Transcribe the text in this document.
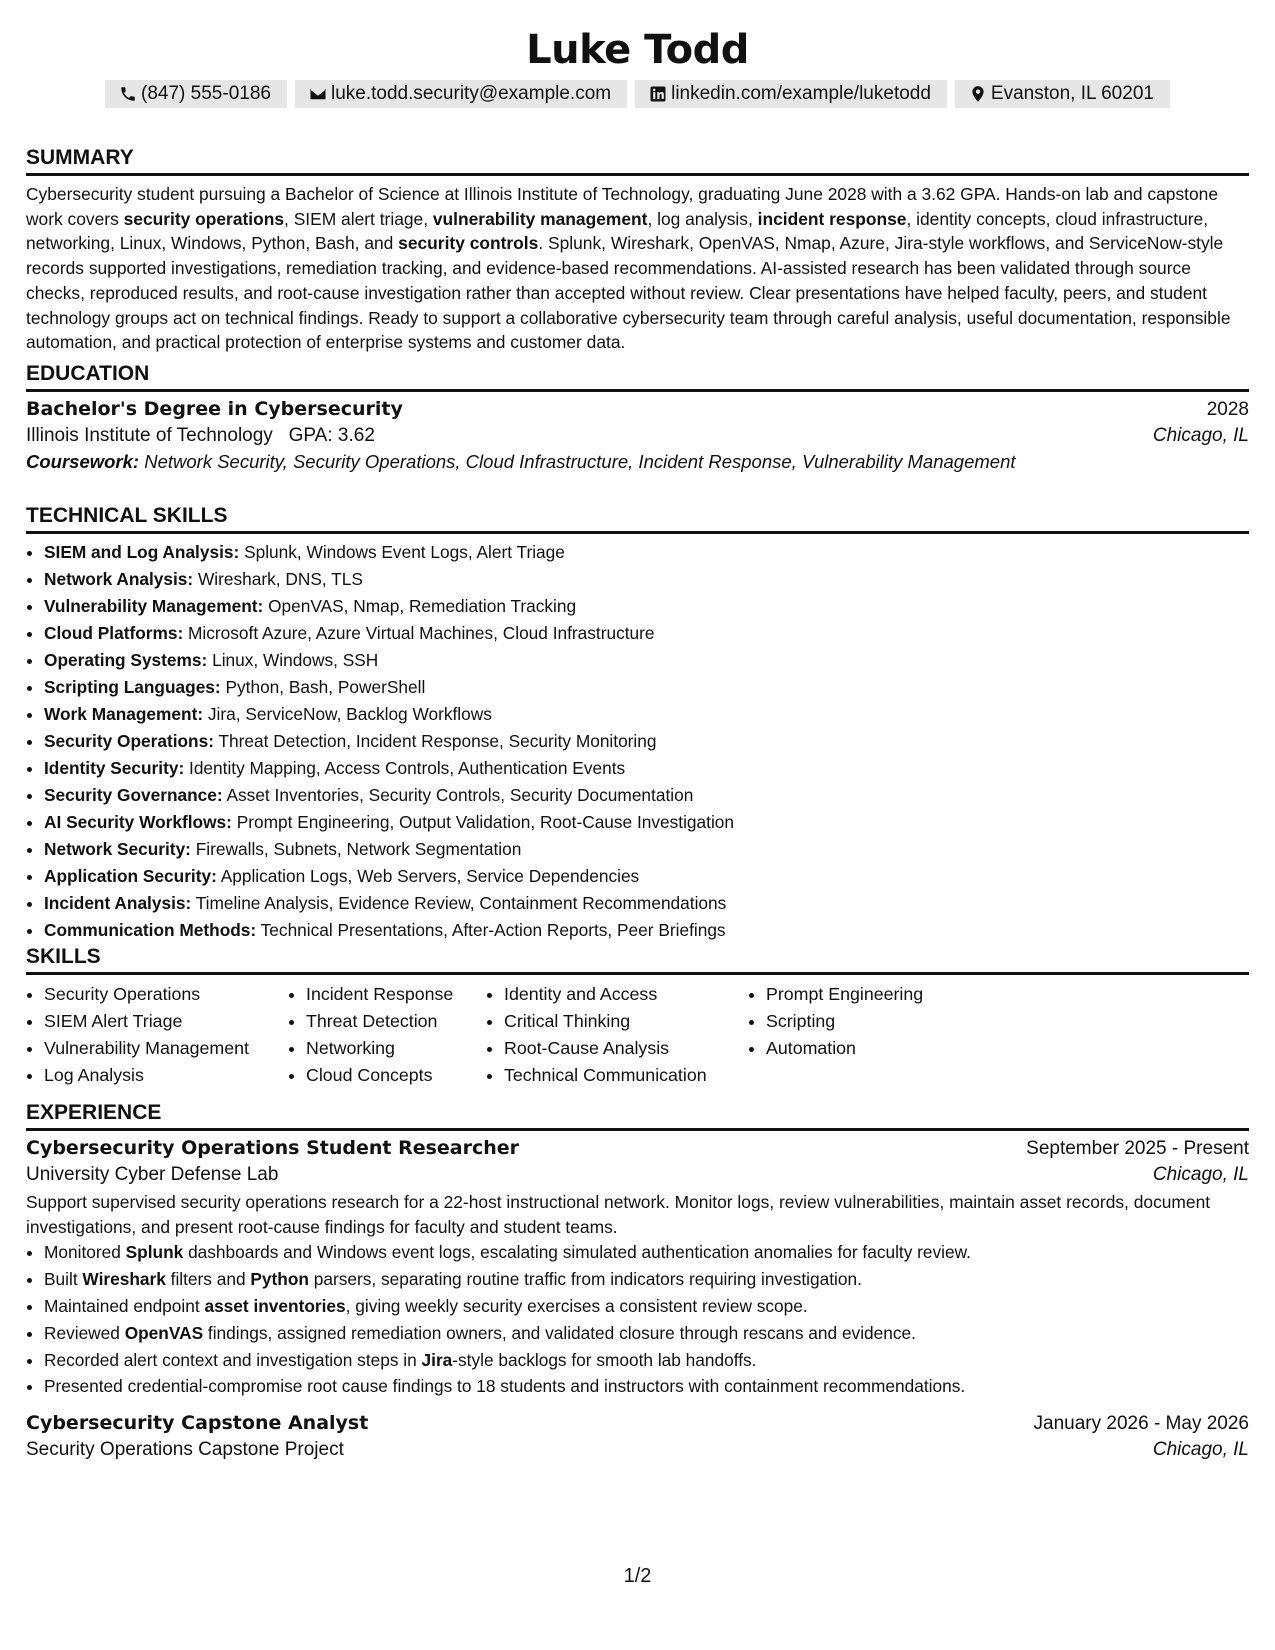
Luke Todd
(847) 555-0186	luke.todd.security@example.com	linkedin.com/example/luketodd	Evanston, IL 60201
SUMMARY
Cybersecurity student pursuing a Bachelor of Science at Illinois Institute of Technology, graduating June 2028 with a 3.62 GPA. Hands-on lab and capstone work covers security operations, SIEM alert triage, vulnerability management, log analysis, incident response, identity concepts, cloud infrastructure, networking, Linux, Windows, Python, Bash, and security controls. Splunk, Wireshark, OpenVAS, Nmap, Azure, Jira-style workflows, and ServiceNow-style records supported investigations, remediation tracking, and evidence-based recommendations. AI-assisted research has been validated through source checks, reproduced results, and root-cause investigation rather than accepted without review. Clear presentations have helped faculty, peers, and student technology groups act on technical findings. Ready to support a collaborative cybersecurity team through careful analysis, useful documentation, responsible automation, and practical protection of enterprise systems and customer data.
EDUCATION
Bachelor's Degree in Cybersecurity	2028
Illinois Institute of Technology GPA: 3.62	Chicago, IL
Coursework: Network Security, Security Operations, Cloud Infrastructure, Incident Response, Vulnerability Management
TECHNICAL SKILLS
• SIEM and Log Analysis: Splunk, Windows Event Logs, Alert Triage
• Network Analysis: Wireshark, DNS, TLS
• Vulnerability Management: OpenVAS, Nmap, Remediation Tracking
• Cloud Platforms: Microsoft Azure, Azure Virtual Machines, Cloud Infrastructure
• Operating Systems: Linux, Windows, SSH
• Scripting Languages: Python, Bash, PowerShell
• Work Management: Jira, ServiceNow, Backlog Workflows
• Security Operations: Threat Detection, Incident Response, Security Monitoring
• Identity Security: Identity Mapping, Access Controls, Authentication Events
• Security Governance: Asset Inventories, Security Controls, Security Documentation
• AI Security Workflows: Prompt Engineering, Output Validation, Root-Cause Investigation
• Network Security: Firewalls, Subnets, Network Segmentation
• Application Security: Application Logs, Web Servers, Service Dependencies
• Incident Analysis: Timeline Analysis, Evidence Review, Containment Recommendations
• Communication Methods: Technical Presentations, After-Action Reports, Peer Briefings
SKILLS
• Security Operations
• SIEM Alert Triage
• Vulnerability Management
• Log Analysis
• Incident Response
• Threat Detection
• Networking
• Cloud Concepts
• Identity and Access
• Critical Thinking
• Root-Cause Analysis
• Technical Communication
• Prompt Engineering
• Scripting
• Automation
EXPERIENCE
Cybersecurity Operations Student Researcher	September 2025 - Present
University Cyber Defense Lab	Chicago, IL
Support supervised security operations research for a 22-host instructional network. Monitor logs, review vulnerabilities, maintain asset records, document investigations, and present root-cause findings for faculty and student teams.
• Monitored Splunk dashboards and Windows event logs, escalating simulated authentication anomalies for faculty review.
• Built Wireshark filters and Python parsers, separating routine traffic from indicators requiring investigation.
• Maintained endpoint asset inventories, giving weekly security exercises a consistent review scope.
• Reviewed OpenVAS findings, assigned remediation owners, and validated closure through rescans and evidence.
• Recorded alert context and investigation steps in Jira-style backlogs for smooth lab handoffs.
• Presented credential-compromise root cause findings to 18 students and instructors with containment recommendations.
Cybersecurity Capstone Analyst	January 2026 - May 2026
Security Operations Capstone Project	Chicago, IL
1/2
